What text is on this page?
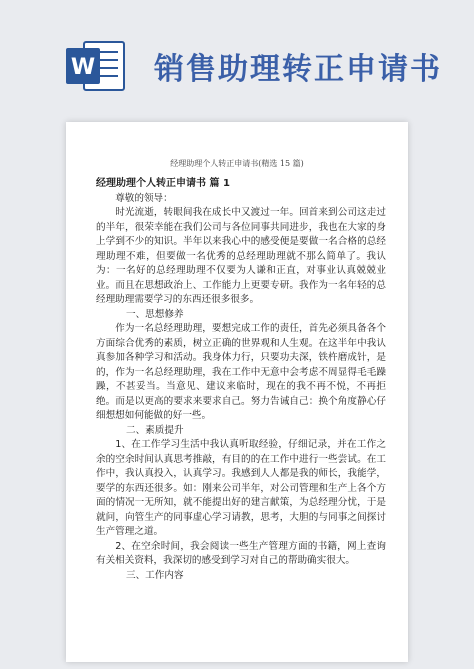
W 销售助理转正申请书
经理助理个人转正申请书(精选 15 篇)

经理助理个人转正申请书 篇 1

尊敬的领导：

时光流逝，转眼间我在成长中又渡过一年。回首来到公司这走过的半年，很荣幸能在我们公司与各位同事共同进步，我也在大家的身上学到不少的知识。半年以来我心中的感受便是要做一名合格的总经理助理不难，但要做一名优秀的总经理助理就不那么简单了。我认为：一名好的总经理助理不仅要为人谦和正直，对事业认真兢兢业业。而且在思想政治上、工作能力上更要专研。我作为一名年轻的总经理助理需要学习的东西还很多很多。

一、思想修养

作为一名总经理助理，要想完成工作的责任，首先必须具备各个方面综合优秀的素质，树立正确的世界观和人生观。在这半年中我认真参加各种学习和活动。我身体力行，只要功夫深，铁杵磨成针，是的，作为一名总经理助理，我在工作中无意中会考虑不周显得毛毛躁躁，不甚妥当。当意见、建议来临时，现在的我不再不悦，不再拒绝。而是以更高的要求来要求自己。努力告诫自己：换个角度静心仔细想想如何能做的好一些。

二、素质提升

1、在工作学习生活中我认真听取经验，仔细记录，并在工作之余的空余时间认真思考推敲，有目的的在工作中进行一些尝试。在工作中，我认真投入，认真学习。我感到人人都是我的师长，我能学，要学的东西还很多。如：刚来公司半年，对公司管理和生产上各个方面的情况一无所知，就不能提出好的建言献策，为总经理分忧，于是就问，向管生产的同事虚心学习请教，思考，大胆的与同事之间探讨生产管理之道。

2、在空余时间，我会阅读一些生产管理方面的书籍，网上查询有关相关资料，我深切的感受到学习对自己的帮助确实很大。

三、工作内容
